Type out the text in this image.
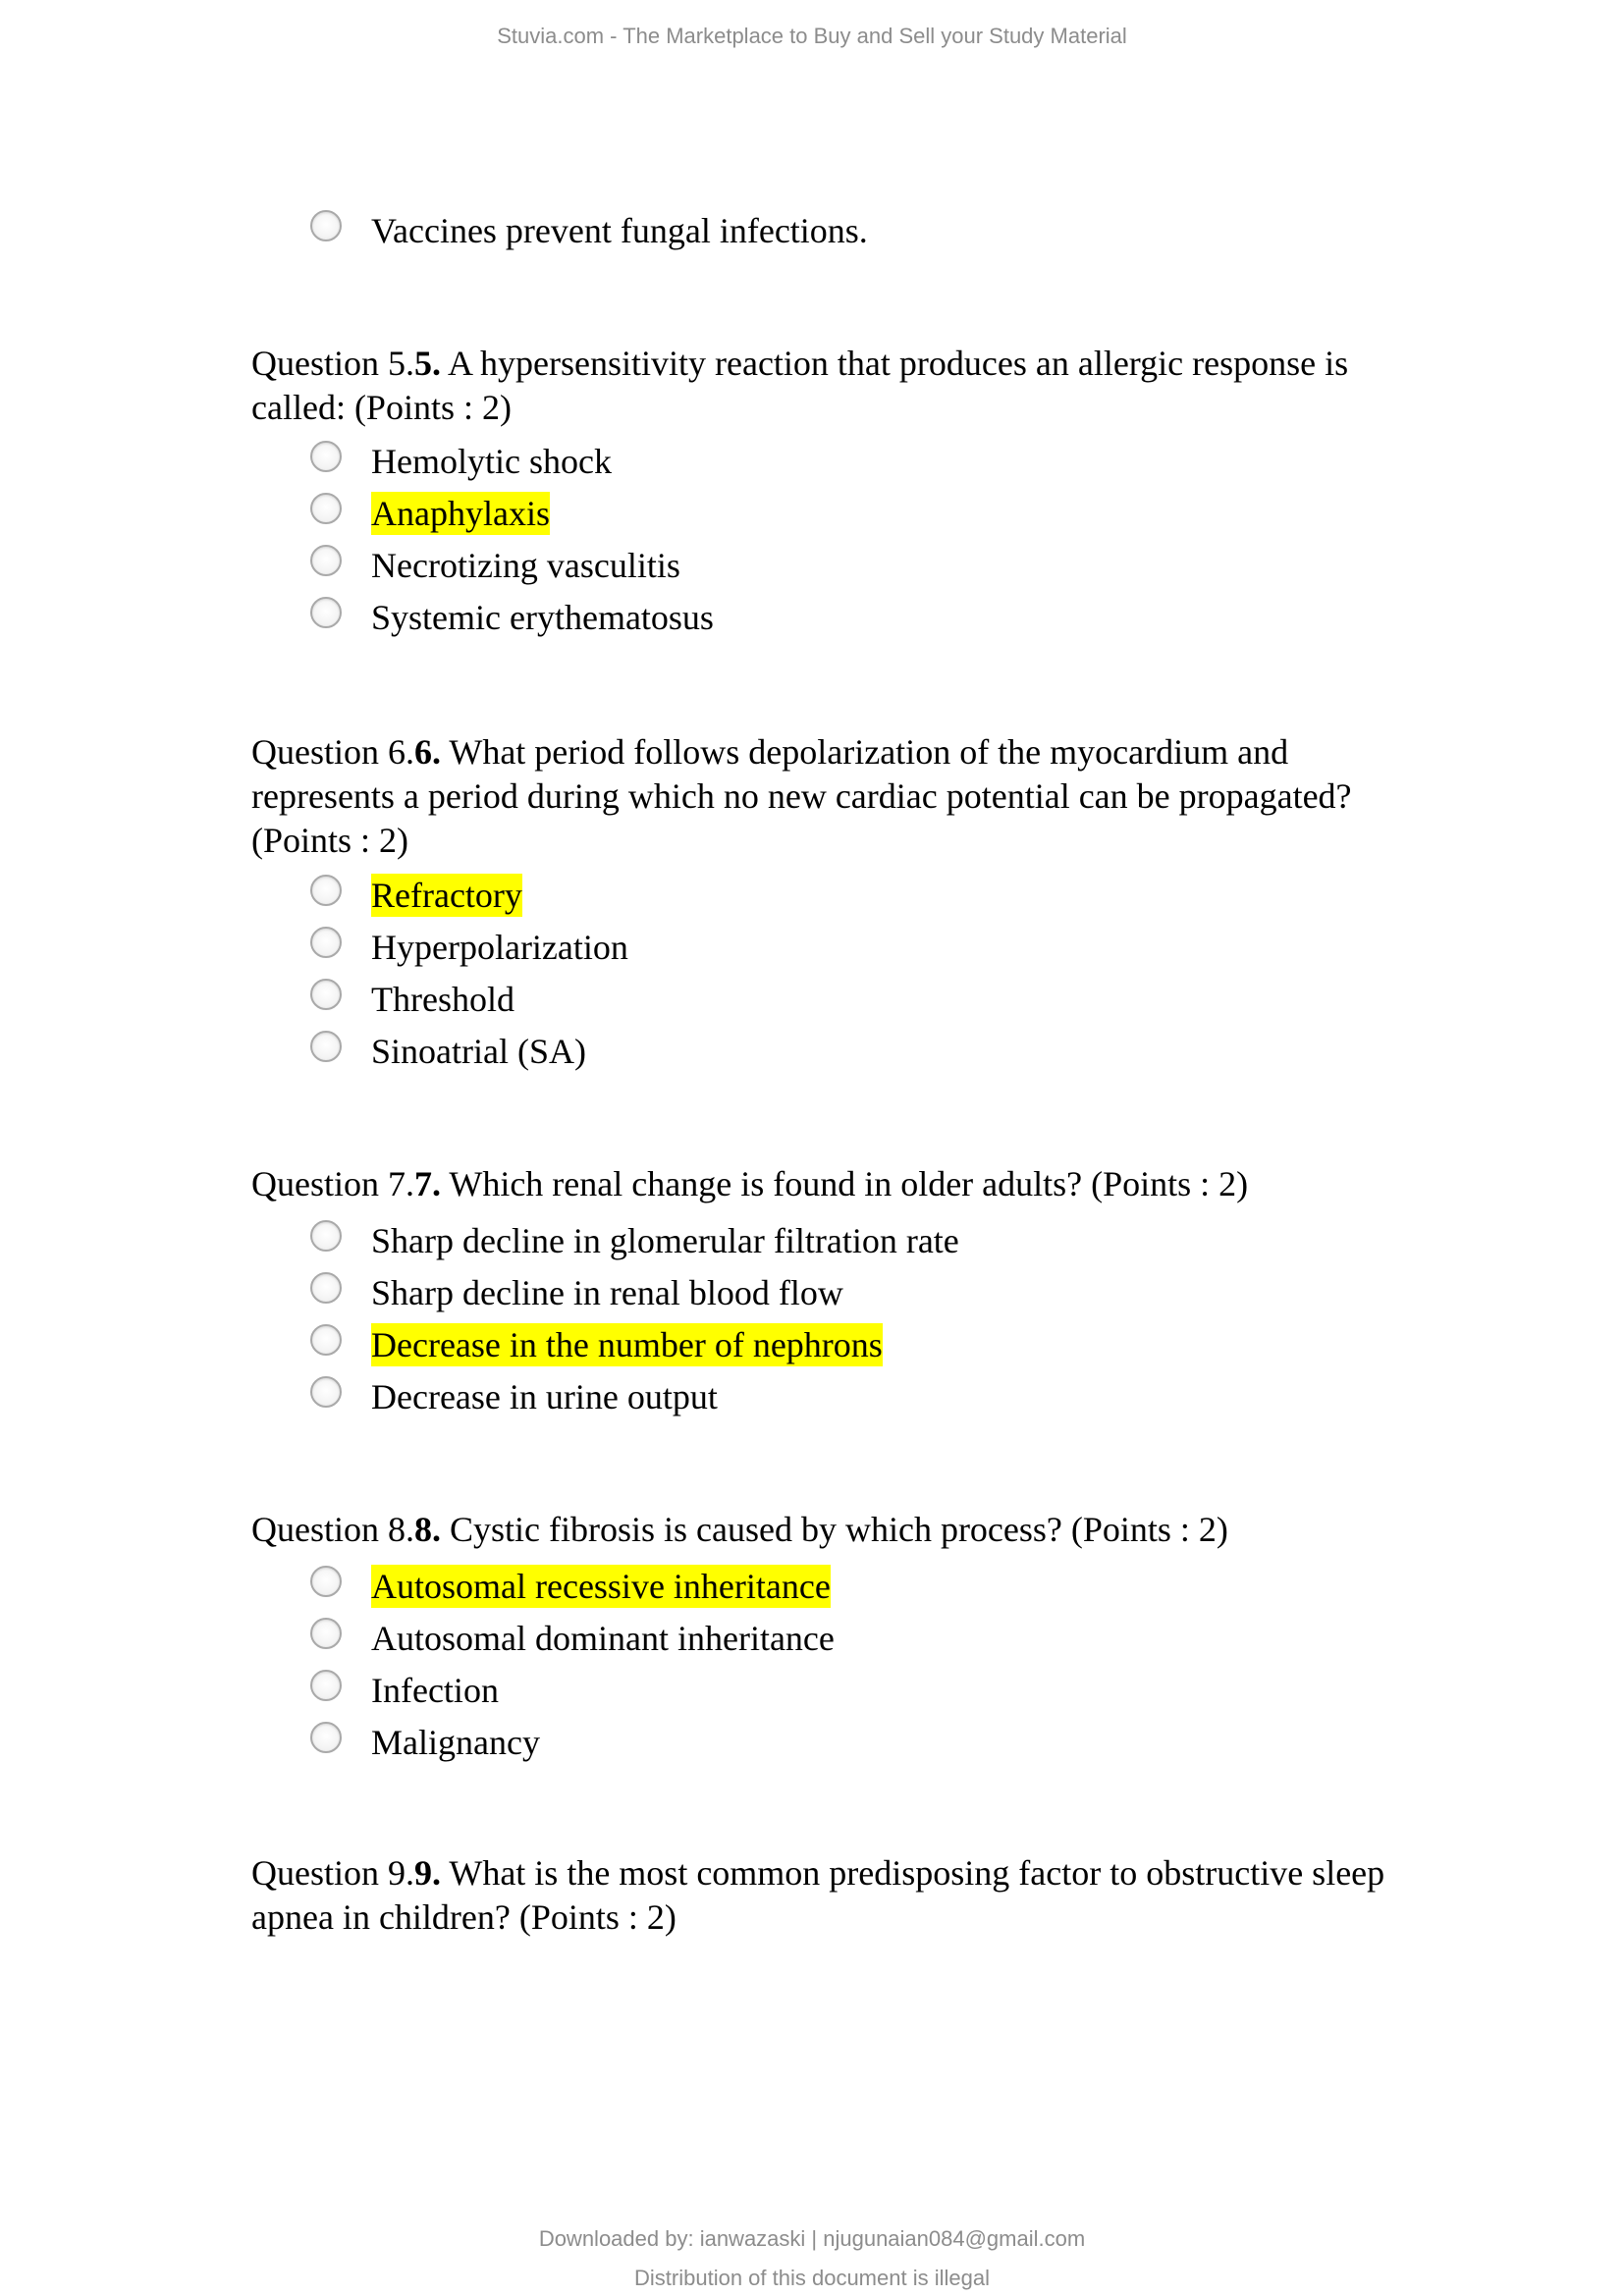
Stuvia.com - The Marketplace to Buy and Sell your Study Material
Vaccines prevent fungal infections.
Question 5.5. A hypersensitivity reaction that produces an allergic response is called: (Points : 2)
Hemolytic shock
Anaphylaxis
Necrotizing vasculitis
Systemic erythematosus
Question 6.6. What period follows depolarization of the myocardium and represents a period during which no new cardiac potential can be propagated? (Points : 2)
Refractory
Hyperpolarization
Threshold
Sinoatrial (SA)
Question 7.7. Which renal change is found in older adults? (Points : 2)
Sharp decline in glomerular filtration rate
Sharp decline in renal blood flow
Decrease in the number of nephrons
Decrease in urine output
Question 8.8. Cystic fibrosis is caused by which process? (Points : 2)
Autosomal recessive inheritance
Autosomal dominant inheritance
Infection
Malignancy
Question 9.9. What is the most common predisposing factor to obstructive sleep apnea in children? (Points : 2)
Downloaded by: ianwazaski | njugunaian084@gmail.com
Distribution of this document is illegal
